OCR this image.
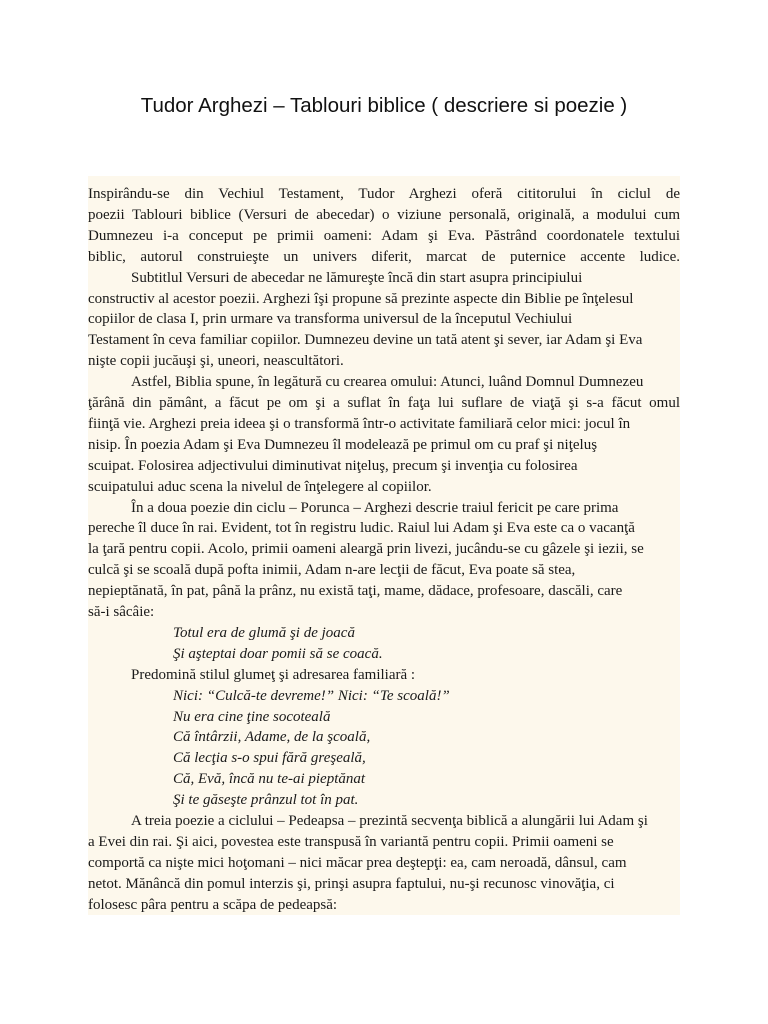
Tudor Arghezi – Tablouri biblice ( descriere si poezie )
Inspirându-se din Vechiul Testament, Tudor Arghezi oferă cititorului în ciclul de
poezii Tablouri biblice (Versuri de abecedar) o viziune personală, originală, a modului cum
Dumnezeu i-a conceput pe primii oameni: Adam şi Eva. Păstrând coordonatele textului
biblic, autorul construieşte un univers diferit, marcat de puternice accente ludice.
Subtitlul Versuri de abecedar ne lămureşte încă din start asupra principiului
constructiv al acestor poezii. Arghezi îşi propune să prezinte aspecte din Biblie pe înţelesul
copiilor de clasa I, prin urmare va transforma universul de la începutul Vechiului
Testament în ceva familiar copiilor. Dumnezeu devine un tată atent şi sever, iar Adam şi Eva
nişte copii jucăuşi şi, uneori, neascultători.
Astfel, Biblia spune, în legătură cu crearea omului: Atunci, luând Domnul Dumnezeu
ţărână din pământ, a făcut pe om şi a suflat în faţa lui suflare de viaţă şi s-a făcut omul
fiinţă vie. Arghezi preia ideea şi o transformă într-o activitate familiară celor mici: jocul în
nisip. În poezia Adam şi Eva Dumnezeu îl modelează pe primul om cu praf şi niţeluş
scuipat. Folosirea adjectivului diminutivat niţeluş, precum şi invenţia cu folosirea
scuipatului aduc scena la nivelul de înţelegere al copiilor.
În a doua poezie din ciclu – Porunca – Arghezi descrie traiul fericit pe care prima
pereche îl duce în rai. Evident, tot în registru ludic. Raiul lui Adam şi Eva este ca o vacanţă
la ţară pentru copii. Acolo, primii oameni aleargă prin livezi, jucându-se cu gâzele şi iezii, se
culcă şi se scoală după pofta inimii, Adam n-are lecţii de făcut, Eva poate să stea,
nepieptănată, în pat, până la prânz, nu există taţi, mame, dădace, profesoare, dascăli, care
să-i sâcâie:
Totul era de glumă şi de joacă
Şi aşteptai doar pomii să se coacă.
Predomină stilul glumeţ şi adresarea familiară :
Nici: “Culcă-te devreme!” Nici: “Te scoală!”
Nu era cine ţine socoteală
Că întârzii, Adame, de la şcoală,
Că lecţia s-o spui fără greşeală,
Că, Evă, încă nu te-ai pieptănat
Şi te găseşte prânzul tot în pat.
A treia poezie a ciclului – Pedeapsa – prezintă secvenţa biblică a alungării lui Adam şi
a Evei din rai. Şi aici, povestea este transpusă în variantă pentru copii. Primii oameni se
comportă ca nişte mici hoţomani – nici măcar prea deştepţi: ea, cam neroadă, dânsul, cam
netot. Mănâncă din pomul interzis şi, prinşi asupra faptului, nu-şi recunosc vinovăţia, ci
folosesc pâra pentru a scăpa de pedeapsă:
